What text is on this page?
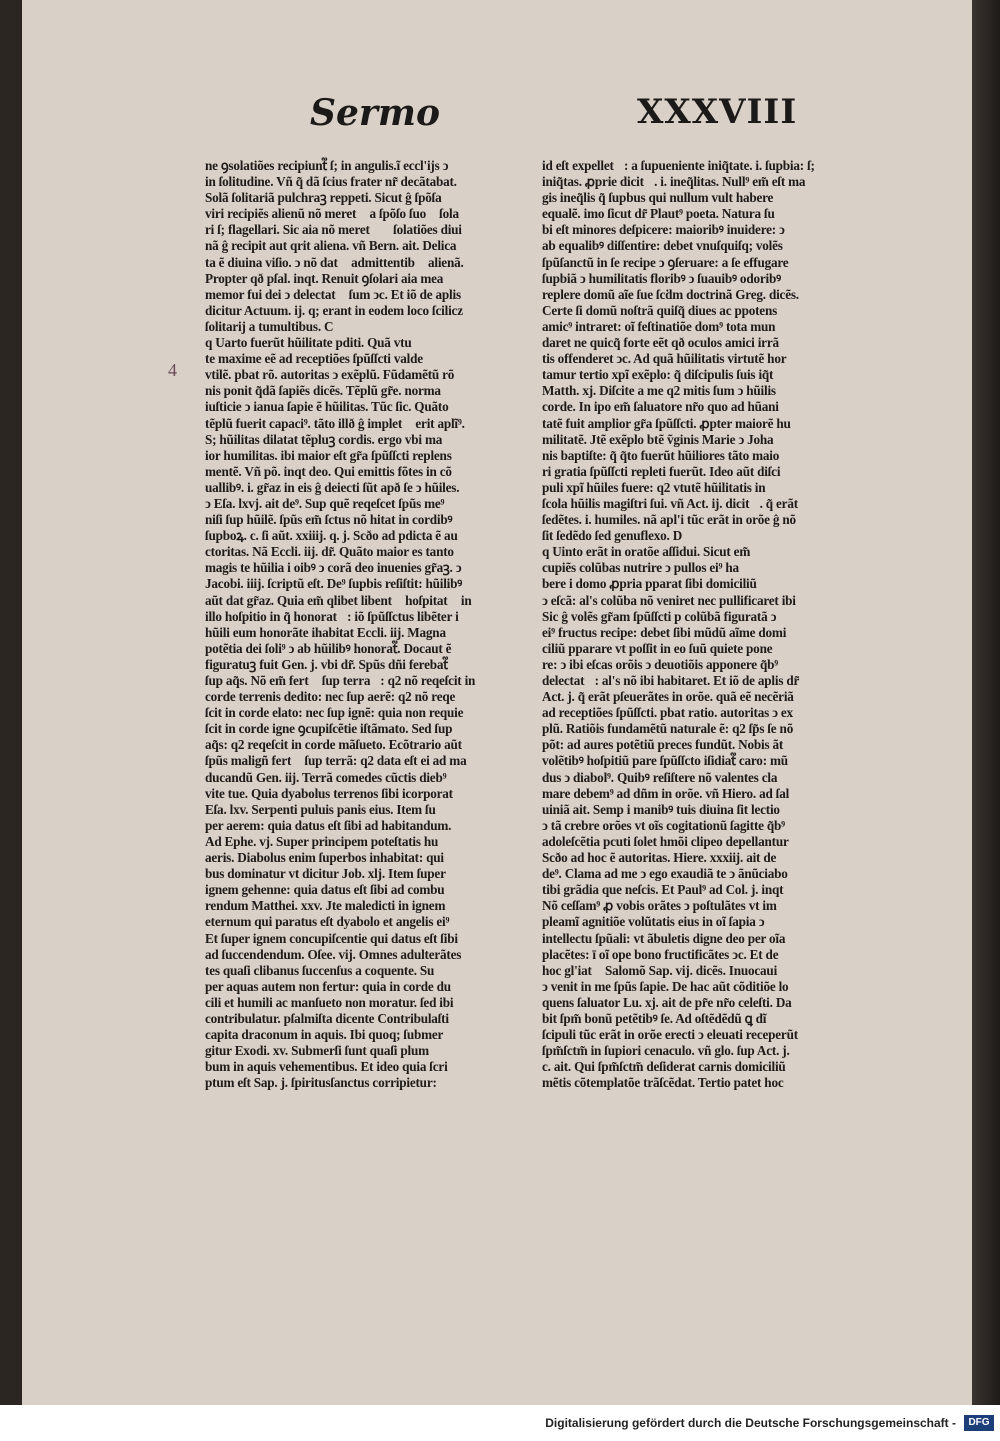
Sermo	XXXVIII
4
ne ꝯsolatiões recipiunt᷑ ſ; in angulis.ĩ eccl'ijs ↄ
in ſolitudine. Vñ q̃ dã ſcius frater nr̃ decãtabat.
Solã ſolitariã pulchraꝫ reppeti. Sicut ĝ ſpõſa
viri recipiẽs alienũ nõ meret᷑ a ſpõſo ſuo ꝯſola
ri ſ; flagellari. Sic aia nõ meret᷑ ꝯſolatiões diui
nã ĝ recipit aut qrit aliena. vñ Bern. ait. Delica
ta ẽ diuina viſio. ↄ nõ dat᷑ admittentibꝰ alienã.
Propter qð pſal. inqt. Renuit ꝯſolari aia mea
memor fui dei ↄ delectat᷑ ſum ↄc. Et iõ de aplis
dicitur Actuum. ij. q; erant in eodem loco ſcilicz
ſolitarij a tumultibus. C
q Uarto fuerũt hũilitate pditi. Quã vtu
te maxime eẽ ad receptiões ſpũſſcti valde
vtilẽ. pbat rõ. autoritas ↄ exẽplũ. Fũdamẽtũ rõ
nis ponit q̃dã ſapiẽs dicẽs. Tẽplũ gr̃e. norma
iuſticie ↄ ianua ſapie ẽ hũilitas. Tũc ſic. Quãto
tẽplũ fuerit capaci⁹. tãto illð ĝ implet᷑ erit aplĩ⁹.
S; hũilitas dilatat tẽpluꝫ cordis. ergo vbi ma
ior humilitas. ibi maior eſt gr̃a ſpũſſcti replens
mentẽ. Vñ põ. inqt deo. Qui emittis fõtes in cõ
uallibꝰ. i. gr̃az in eis ĝ deiecti ſũt apð ſe ↄ hũiles.
ↄ Eſa. lxvj. ait de⁹. Sup quẽ reqeſcet ſpũs me⁹
niſi ſup hũilẽ. ſpũs em̃ ſctus nõ hitat in cordibꝰ
ſupboꝝ. c. ſi aũt. xxiiij. q. j. Scðo ad pdicta ẽ au
ctoritas. Nã Eccli. iij. dr̃. Quãto maior es tanto
magis te hũilia i oibꝰ ↄ corã deo inuenies gr̃aꝫ. ↄ
Jacobi. iiij. ſcriptũ eſt. De⁹ ſupbis reſiſtit: hũilibꝰ
aũt dat gr̃az. Quia em̃ qlibet libent᷑ hoſpitat᷑ in
illo hoſpitio in q̃ honorat᷑: iõ ſpũſſctus libẽter i
hũili eum honorãte ihabitat Eccli. iij. Magna
potẽtia dei ſoli⁹ ↄ ab hũilibꝰ honorat᷑. Docaut ẽ
figuratuꝫ fuit Gen. j. vbi dr̃. Spũs dñi ferebat᷑
ſup aq̃s. Nõ em̃ fert᷑ ſup terraꝫ: q2 nõ reqeſcit in
corde terrenis dedito: nec ſup aerẽ: q2 nõ reqe
ſcit in corde elato: nec ſup ignẽ: quia non requie
ſcit in corde igne ꝯcupiſcẽtie iſtãmato. Sed ſup
aq̃s: q2 reqeſcit in corde mãſueto. Ecõtrario aũt
ſpũs maligñ fert᷑ ſup terrã: q2 data eſt ei ad ma
ducandũ Gen. iij. Terrã comedes cũctis dieb⁹
vite tue. Quia dyabolus terrenos ſibi icorporat
Eſa. lxv. Serpenti puluis panis eius. Item ſu
per aerem: quia datus eſt ſibi ad habitandum.
Ad Ephe. vj. Super principem poteſtatis hu
aeris. Diabolus enim ſuperbos inhabitat: qui
bus dominatur vt dicitur Job. xlj. Item ſuper
ignem gehenne: quia datus eſt ſibi ad combu
rendum Matthei. xxv. Jte maledicti in ignem
eternum qui paratus eſt dyabolo et angelis ei⁹
Et ſuper ignem concupiſcentie qui datus eſt ſibi
ad ſuccendendum. Oſee. vij. Omnes adulterãtes
tes quaſi clibanus ſuccenſus a coquente. Su
per aquas autem non fertur: quia in corde du
cili et humili ac manſueto non moratur. ſed ibi
contribulatur. pſalmiſta dicente Contribulaſti
capita draconum in aquis. Ibi quoq; ſubmer
gitur Exodi. xv. Submerſi ſunt quaſi plum
bum in aquis vehementibus. Et ideo quia ſcri
ptum eſt Sap. j. ſpiritusſanctus corripietur:
id eſt expellet᷑: a ſupueniente iniq̃tate. i. ſupbia: ſ;
iniq̃tas. ꝓprie dicit᷑. i. ineq̃litas. Null⁹ em̃ eſt ma
gis ineq̃lis q̃ ſupbus qui nullum vult habere
equalẽ. imo ſicut dr̃ Plaut⁹ poeta. Natura ſu
bi eſt minores deſpicere: maioribꝰ inuidere: ↄ
ab equalibꝰ diſſentire: debet vnuſquiſq; volẽs
ſpũſanctũ in ſe recipe ↄ ꝯſeruare: a ſe effugare
ſupbiã ↄ humilitatis floribꝰ ↄ ſuauibꝰ odoribꝰ
replere domũ aĩe ſue ſcḋm doctrinã Greg. dicẽs.
Certe ſi domũ noſtrã quiſq̃ diues ac ppotens
amic⁹ intraret: oĩ feſtinatiõe dom⁹ tota mun
daret ne quicq̃ forte eẽt qð oculos amici irrã
tis offenderet ↄc. Ad quã hũilitatis virtutẽ hor
tamur tertio xpĩ exẽplo: q̃ diſcipulis ſuis iq̃t
Matth. xj. Diſcite a me q2 mitis ſum ↄ hũilis
corde. In ipo em̃ ſaluatore nr̃o quo ad hũani
tatẽ fuit amplior gr̃a ſpũſſcti. ꝓpter maiorẽ hu
militatẽ. Jtẽ exẽplo btẽ ṽginis Marie ↄ Joha
nis baptiſte: q̃ q̃to fuerũt hũiliores tãto maio
ri gratia ſpũſſcti repleti fuerũt. Ideo aũt diſci
puli xpĩ hũiles fuere: q2 vtutẽ hũilitatis in
ſcola hũilis magiſtri ſui. vñ Act. ij. dicit᷑. q̃ erãt
ſedẽtes. i. humiles. nã apl'i tũc erãt in orõe ĝ nõ
ſit ſedẽdo ſed genuflexo. D
q Uinto erãt in oratõe aſſidui. Sicut em̃
cupiẽs colũbas nutrire ↄ pullos ei⁹ ha
bere i domo ꝓpria pparat ſibi domiciliũ
ↄ eſcã: al's colũba nõ veniret nec pullificaret ibi
Sic ĝ volẽs gr̃am ſpũſſcti p colũbã figuratã ↄ
ei⁹ fructus recipe: debet ſibi mũdũ aĩme domi
ciliũ pparare vt poſſit in eo ſuũ quiete pone
re: ↄ ibi eſcas orõis ↄ deuotiõis apponere q̃b⁹
delectat᷑: al's nõ ibi habitaret. Et iõ de aplis dr̃
Act. j. q̃ erãt pſeuerãtes in orõe. quã eẽ necẽriã
ad receptiões ſpũſſcti. pbat ratio. autoritas ↄ ex
plũ. Ratiõis fundamẽtũ naturale ẽ: q2 ſp̃s ſe nõ
põt: ad aures potẽtiũ preces fundũt. Nobis ãt
volẽtibꝰ hoſpitiũ pare ſpũſſcto iſidiat᷑ caro: mũ
dus ↄ diabol⁹. Quibꝰ reſiſtere nõ valentes cla
mare debem⁹ ad dñm in orõe. vñ Hiero. ad ſal
uiniã ait. Semp i manibꝰ tuis diuina ſit lectio
ↄ tã crebre orões vt oĩs cogitationũ ſagitte q̃b⁹
adoleſcẽtia pcuti ſolet hmõi clipeo depellantur
Scðo ad hoc ẽ autoritas. Hiere. xxxiij. ait de
de⁹. Clama ad me ↄ ego exaudiã te ↄ ãnũciabo
tibi grãdia que neſcis. Et Paul⁹ ad Col. j. inqt
Nõ ceſſam⁹ ꝓ vobis orãtes ↄ poſtulãtes vt im
pleamĩ agnitiõe volũtatis eius in oĩ ſapia ↄ
intellectu ſpũali: vt ãbuletis digne deo per oĩa
placẽtes: ī oĩ ope bono fructificãtes ↄc. Et de
hoc gl'iat᷑ Salomõ Sap. vij. dicẽs. Inuocaui
ↄ venit in me ſpũs ſapie. De hac aũt cõditiõe lo
quens ſaluator Lu. xj. ait de pr̃e nr̃o celeſti. Da
bit ſpm̃ bonũ petẽtibꝰ ſe. Ad oſtẽdẽdũ ꝗ dĩ
ſcipuli tũc erãt in orõe erecti ↄ eleuati receperũt
ſpm̃ſctm̃ in ſupiori cenaculo. vñ glo. ſup Act. j.
c. ait. Qui ſpm̃ſctm̃ deſiderat carnis domiciliũ
mẽtis cõtemplatõe trãſcẽdat. Tertio patet hoc
Digitalisierung gefördert durch die Deutsche Forschungsgemeinschaft -	DFG
